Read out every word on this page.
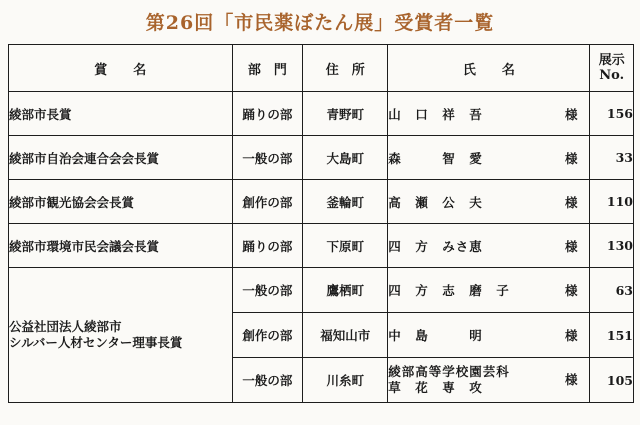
第26回「市民薬ぼたん展」受賞者一覧
賞　　名	部　門	住　所	氏　　名	展示
No.
綾部市長賞	踊りの部	青野町	山　口　祥　吾 様	156
綾部市自治会連合会会長賞	一般の部	大島町	森　　　智　愛 様	33
綾部市観光協会会長賞	創作の部	釜輪町	高　瀬　公　夫 様	110
綾部市環境市民会議会長賞	踊りの部	下原町	四　方　みさ恵 様	130
公益社団法人綾部市
シルバー人材センター理事長賞	一般の部	鷹栖町	四　方　志　磨　子 様	63
	創作の部	福知山市	中　島　　　明 様	151
	一般の部	川糸町	綾部高等学校園芸科
草　花　専　攻
様	105
